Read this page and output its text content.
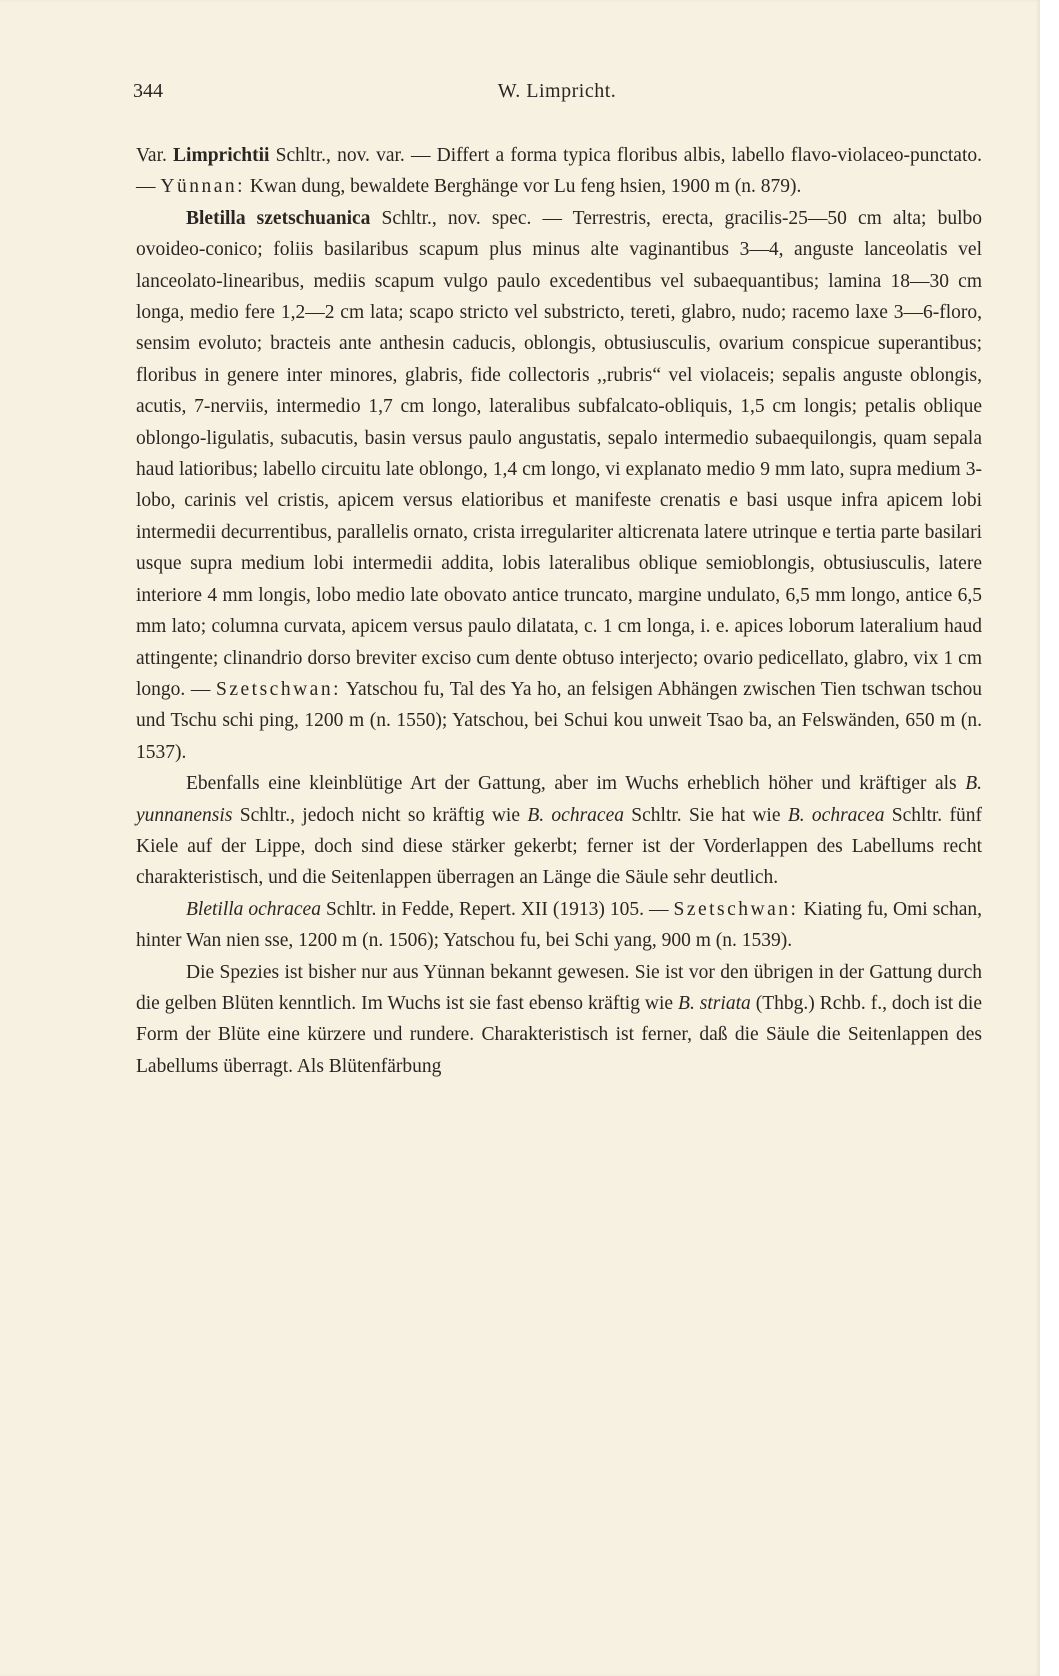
344	W. Limpricht.

Var. Limprichtii Schltr., nov. var. — Differt a forma typica floribus albis, labello flavo-violaceo-punctato. — Yünnan: Kwan dung, bewaldete Berghänge vor Lu feng hsien, 1900 m (n. 879).

Bletilla szetschuanica Schltr., nov. spec. — Terrestris, erecta, gracilis-25—50 cm alta; bulbo ovoideo-conico; foliis basilaribus scapum plus minus alte vaginantibus 3—4, anguste lanceolatis vel lanceolato-linearibus, mediis scapum vulgo paulo excedentibus vel subaequantibus; lamina 18—30 cm longa, medio fere 1,2—2 cm lata; scapo stricto vel substricto, tereti, glabro, nudo; racemo laxe 3—6-floro, sensim evoluto; bracteis ante anthesin caducis, oblongis, obtusiusculis, ovarium conspicue superantibus; floribus in genere inter minores, glabris, fide collectoris ,,rubris“ vel violaceis; sepalis anguste oblongis, acutis, 7-nerviis, intermedio 1,7 cm longo, lateralibus subfalcato-obliquis, 1,5 cm longis; petalis oblique oblongo-ligulatis, subacutis, basin versus paulo angustatis, sepalo intermedio subaequilongis, quam sepala haud latioribus; labello circuitu late oblongo, 1,4 cm longo, vi explanato medio 9 mm lato, supra medium 3-lobo, carinis vel cristis, apicem versus elatioribus et manifeste crenatis e basi usque infra apicem lobi intermedii decurrentibus, parallelis ornato, crista irregulariter alticrenata latere utrinque e tertia parte basilari usque supra medium lobi intermedii addita, lobis lateralibus oblique semioblongis, obtusiusculis, latere interiore 4 mm longis, lobo medio late obovato antice truncato, margine undulato, 6,5 mm longo, antice 6,5 mm lato; columna curvata, apicem versus paulo dilatata, c. 1 cm longa, i. e. apices loborum lateralium haud attingente; clinandrio dorso breviter exciso cum dente obtuso interjecto; ovario pedicellato, glabro, vix 1 cm longo. — Szetschwan: Yatschou fu, Tal des Ya ho, an felsigen Abhängen zwischen Tien tschwan tschou und Tschu schi ping, 1200 m (n. 1550); Yatschou, bei Schui kou unweit Tsao ba, an Felswänden, 650 m (n. 1537).

Ebenfalls eine kleinblütige Art der Gattung, aber im Wuchs erheblich höher und kräftiger als B. yunnanensis Schltr., jedoch nicht so kräftig wie B. ochracea Schltr. Sie hat wie B. ochracea Schltr. fünf Kiele auf der Lippe, doch sind diese stärker gekerbt; ferner ist der Vorderlappen des Labellums recht charakteristisch, und die Seitenlappen überragen an Länge die Säule sehr deutlich.

Bletilla ochracea Schltr. in Fedde, Repert. XII (1913) 105. — Szetschwan: Kiating fu, Omi schan, hinter Wan nien sse, 1200 m (n. 1506); Yatschou fu, bei Schi yang, 900 m (n. 1539).

Die Spezies ist bisher nur aus Yünnan bekannt gewesen. Sie ist vor den übrigen in der Gattung durch die gelben Blüten kenntlich. Im Wuchs ist sie fast ebenso kräftig wie B. striata (Thbg.) Rchb. f., doch ist die Form der Blüte eine kürzere und rundere. Charakteristisch ist ferner, daß die Säule die Seitenlappen des Labellums überragt. Als Blütenfärbung
